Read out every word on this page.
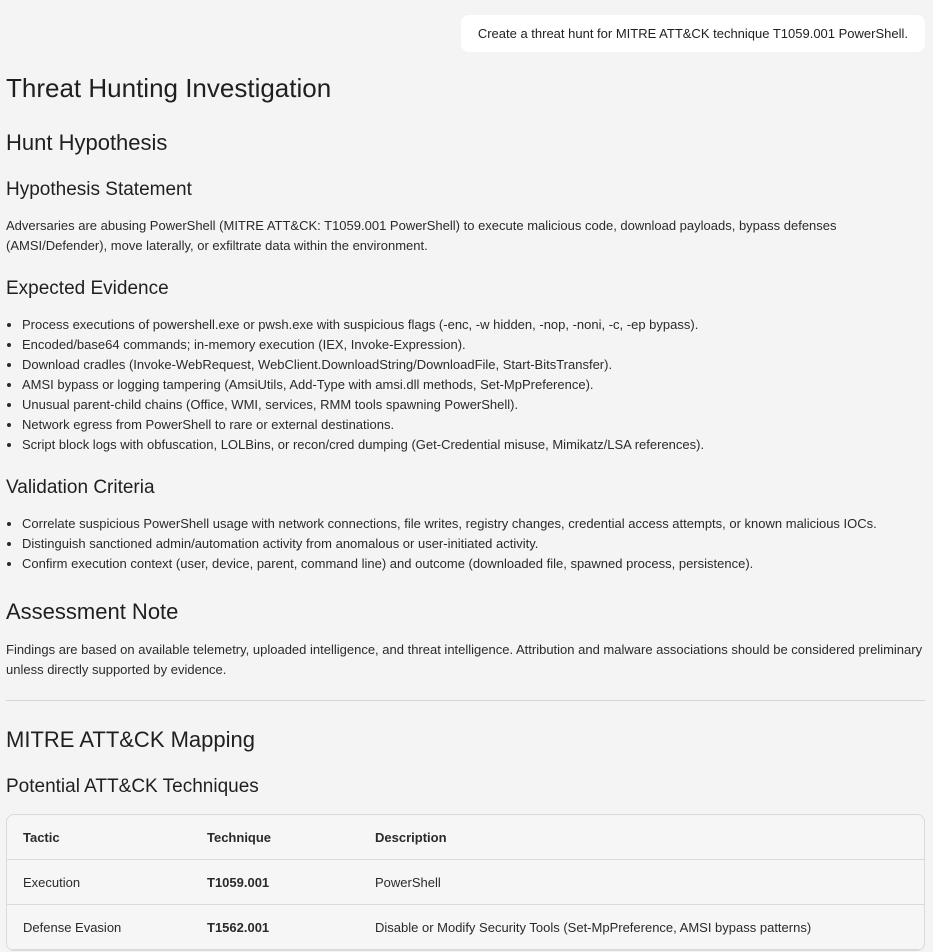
Create a threat hunt for MITRE ATT&CK technique T1059.001 PowerShell.
Threat Hunting Investigation
Hunt Hypothesis
Hypothesis Statement

Adversaries are abusing PowerShell (MITRE ATT&CK: T1059.001 PowerShell) to execute malicious code, download payloads, bypass defenses (AMSI/Defender), move laterally, or exfiltrate data within the environment.

Expected Evidence
• Process executions of powershell.exe or pwsh.exe with suspicious flags (-enc, -w hidden, -nop, -noni, -c, -ep bypass).
• Encoded/base64 commands; in-memory execution (IEX, Invoke-Expression).
• Download cradles (Invoke-WebRequest, WebClient.DownloadString/DownloadFile, Start-BitsTransfer).
• AMSI bypass or logging tampering (AmsiUtils, Add-Type with amsi.dll methods, Set-MpPreference).
• Unusual parent-child chains (Office, WMI, services, RMM tools spawning PowerShell).
• Network egress from PowerShell to rare or external destinations.
• Script block logs with obfuscation, LOLBins, or recon/cred dumping (Get-Credential misuse, Mimikatz/LSA references).
Validation Criteria
• Correlate suspicious PowerShell usage with network connections, file writes, registry changes, credential access attempts, or known malicious IOCs.
• Distinguish sanctioned admin/automation activity from anomalous or user-initiated activity.
• Confirm execution context (user, device, parent, command line) and outcome (downloaded file, spawned process, persistence).
Assessment Note

Findings are based on available telemetry, uploaded intelligence, and threat intelligence. Attribution and malware associations should be considered preliminary unless directly supported by evidence.

MITRE ATT&CK Mapping
Potential ATT&CK Techniques
Tactic	Technique	Description
Execution	T1059.001	PowerShell
Defense Evasion	T1562.001	Disable or Modify Security Tools (Set-MpPreference, AMSI bypass patterns)
